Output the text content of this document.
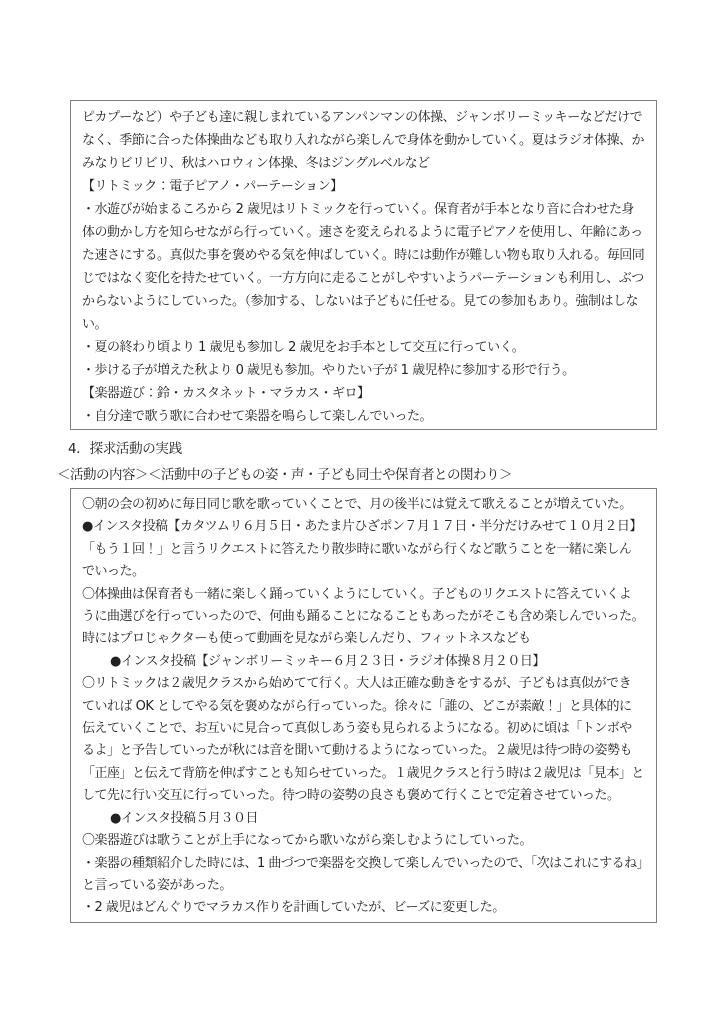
ピカプーなど）や子ども達に親しまれているアンパンマンの体操、ジャンボリーミッキーなどだけで
なく、季節に合った体操曲なども取り入れながら楽しんで身体を動かしていく。夏はラジオ体操、か
みなりビリビリ、秋はハロウィン体操、冬はジングルベルなど
【リトミック：電子ピアノ・パーテーション】
・水遊びが始まるころから 2 歳児はリトミックを行っていく。保育者が手本となり音に合わせた身
体の動かし方を知らせながら行っていく。速さを変えられるように電子ピアノを使用し、年齢にあっ
た速さにする。真似た事を褒めやる気を伸ばしていく。時には動作が難しい物も取り入れる。毎回同
じではなく変化を持たせていく。一方方向に走ることがしやすいようパーテーションも利用し、ぶつ
からないようにしていった。（参加する、しないは子どもに任せる。見ての参加もあり。強制はしな
い。
・夏の終わり頃より 1 歳児も参加し 2 歳児をお手本として交互に行っていく。
・歩ける子が増えた秋より 0 歳児も参加。やりたい子が 1 歳児枠に参加する形で行う。
【楽器遊び：鈴・カスタネット・マラカス・ギロ】
・自分達で歌う歌に合わせて楽器を鳴らして楽しんでいった。
4．探求活動の実践
＜活動の内容＞＜活動中の子どもの姿・声・子ども同士や保育者との関わり＞
〇朝の会の初めに毎日同じ歌を歌っていくことで、月の後半には覚えて歌えることが増えていた。
●インスタ投稿【カタツムリ６月５日・あたま片ひざポン７月１７日・半分だけみせて１０月２日】
「もう１回！」と言うリクエストに答えたり散歩時に歌いながら行くなど歌うことを一緒に楽しん
でいった。
〇体操曲は保育者も一緒に楽しく踊っていくようにしていく。子どものリクエストに答えていくよ
うに曲選びを行っていったので、何曲も踊ることになることもあったがそこも含め楽しんでいった。
時にはプロじゃクターも使って動画を見ながら楽しんだり、フィットネスなども
●インスタ投稿【ジャンボリーミッキー６月２３日・ラジオ体操８月２０日】
〇リトミックは２歳児クラスから始めてて行く。大人は正確な動きをするが、子どもは真似ができ
ていれば OK としてやる気を褒めながら行っていった。徐々に「誰の、どこが素敵！」と具体的に
伝えていくことで、お互いに見合って真似しあう姿も見られるようになる。初めに頃は「トンボや
るよ」と予告していったが秋には音を聞いて動けるようになっていった。２歳児は待つ時の姿勢も
「正座」と伝えて背筋を伸ばすことも知らせていった。１歳児クラスと行う時は２歳児は「見本」と
して先に行い交互に行っていった。待つ時の姿勢の良さも褒めて行くことで定着させていった。
●インスタ投稿５月３０日
〇楽器遊びは歌うことが上手になってから歌いながら楽しむようにしていった。
・楽器の種類紹介した時には、1 曲づつで楽器を交換して楽しんでいったので、「次はこれにするね」
と言っている姿があった。
・2 歳児はどんぐりでマラカス作りを計画していたが、ビーズに変更した。
